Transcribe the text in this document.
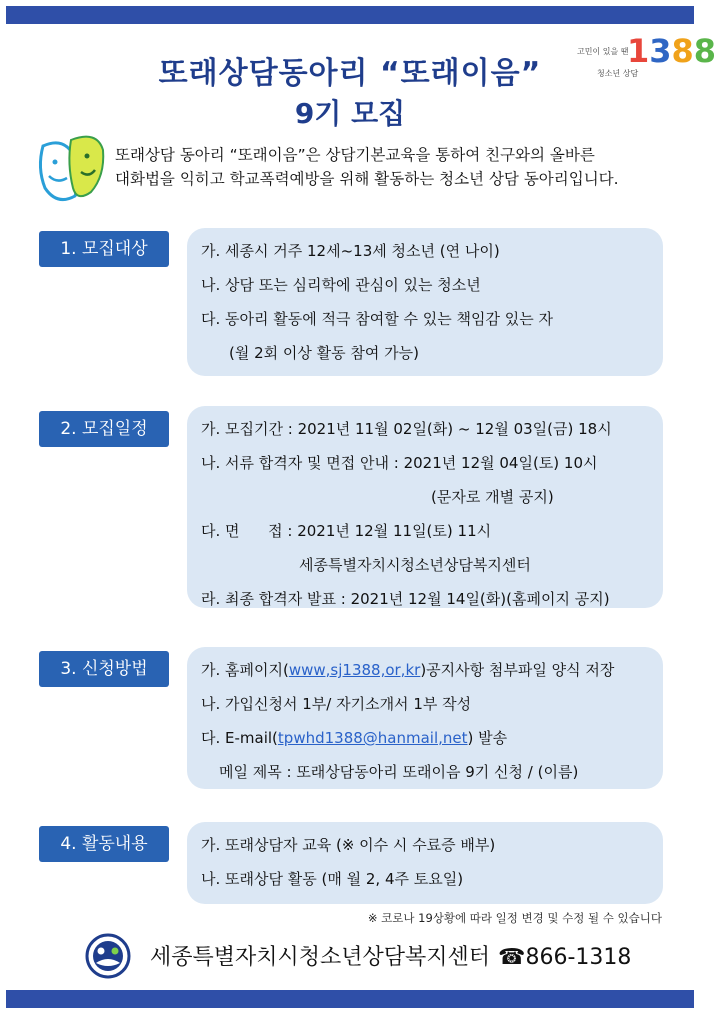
또래상담동아리 “또래이음”
9기 모집
고민이 있을 땐
청소년 상담
1388
또래상담 동아리 “또래이음”은 상담기본교육을 통하여 친구와의 올바른
대화법을 익히고 학교폭력예방을 위해 활동하는 청소년 상담 동아리입니다.
1. 모집대상	가. 세종시 거주 12세~13세 청소년 (연 나이)
나. 상담 또는 심리학에 관심이 있는 청소년
다. 동아리 활동에 적극 참여할 수 있는 책임감 있는 자
(월 2회 이상 활동 참여 가능)
2. 모집일정	가. 모집기간 : 2021년 11월 02일(화) ~ 12월 03일(금) 18시
나. 서류 합격자 및 면접 안내 : 2021년 12월 04일(토) 10시
(문자로 개별 공지)
다. 면      접 : 2021년 12월 11일(토) 11시
세종특별자치시청소년상담복지센터
라. 최종 합격자 발표 : 2021년 12월 14일(화)(홈페이지 공지)
3. 신청방법	가. 홈페이지(www,sj1388,or,kr)공지사항 첨부파일 양식 저장
나. 가입신청서 1부/ 자기소개서 1부 작성
다. E-mail(tpwhd1388@hanmail,net) 발송
메일 제목 : 또래상담동아리 또래이음 9기 신청 / (이름)
4. 활동내용	가. 또래상담자 교육 (※ 이수 시 수료증 배부)
나. 또래상담 활동 (매 월 2, 4주 토요일)
※ 코로나 19상황에 따라 일정 변경 및 수정 될 수 있습니다
세종특별자치시청소년상담복지센터 ☎866-1318
